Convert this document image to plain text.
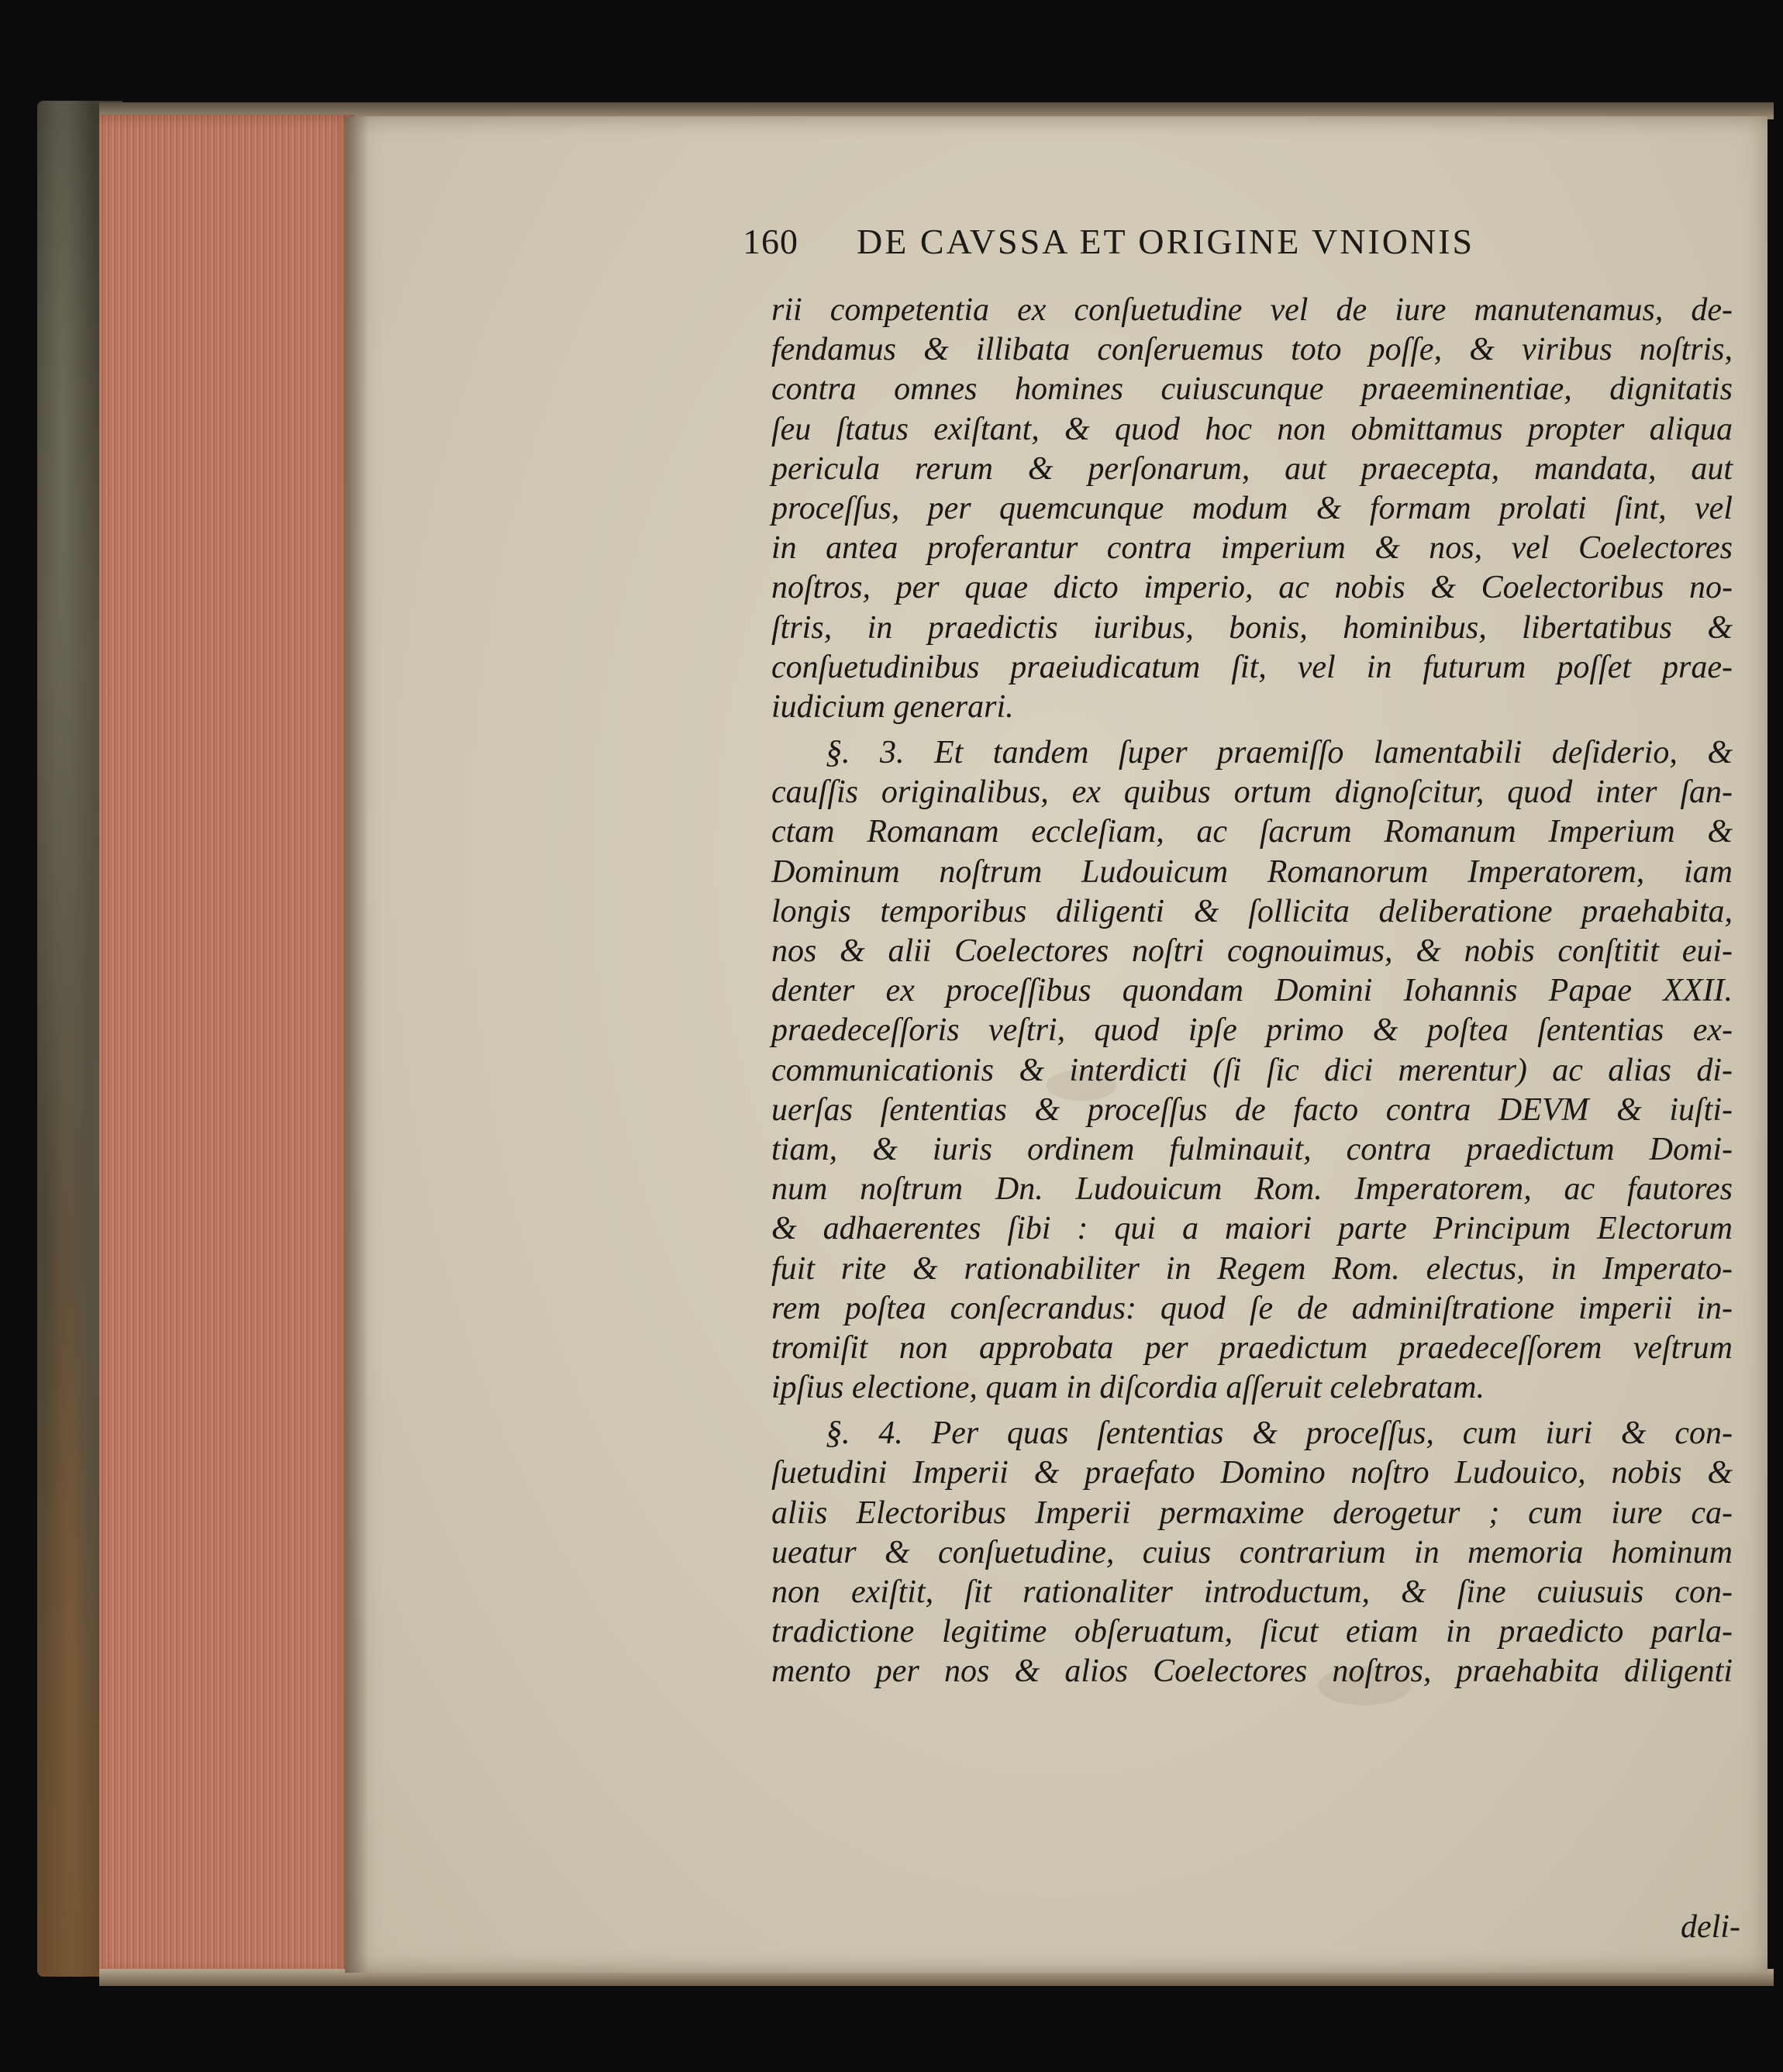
160 DE CAVSSA ET ORIGINE VNIONIS
rii competentia ex conſuetudine vel de iure manutenamus, de-
fendamus & illibata conſeruemus toto poſſe, & viribus noſtris,
contra omnes homines cuiuscunque praeeminentiae, dignitatis
ſeu ſtatus exiſtant, & quod hoc non obmittamus propter aliqua
pericula rerum & perſonarum, aut praecepta, mandata, aut
proceſſus, per quemcunque modum & formam prolati ſint, vel
in antea proferantur contra imperium & nos, vel Coelectores
noſtros, per quae dicto imperio, ac nobis & Coelectoribus no-
ſtris, in praedictis iuribus, bonis, hominibus, libertatibus &
conſuetudinibus praeiudicatum ſit, vel in futurum poſſet prae-
iudicium generari.
§. 3. Et tandem ſuper praemiſſo lamentabili deſiderio, &
cauſſis originalibus, ex quibus ortum dignoſcitur, quod inter ſan-
ctam Romanam eccleſiam, ac ſacrum Romanum Imperium &
Dominum noſtrum Ludouicum Romanorum Imperatorem, iam
longis temporibus diligenti & ſollicita deliberatione praehabita,
nos & alii Coelectores noſtri cognouimus, & nobis conſtitit eui-
denter ex proceſſibus quondam Domini Iohannis Papae XXII.
praedeceſſoris veſtri, quod ipſe primo & poſtea ſententias ex-
communicationis & interdicti (ſi ſic dici merentur) ac alias di-
uerſas ſententias & proceſſus de facto contra DEVM & iuſti-
tiam, & iuris ordinem fulminauit, contra praedictum Domi-
num noſtrum Dn. Ludouicum Rom. Imperatorem, ac fautores
& adhaerentes ſibi : qui a maiori parte Principum Electorum
fuit rite & rationabiliter in Regem Rom. electus, in Imperato-
rem poſtea conſecrandus: quod ſe de adminiſtratione imperii in-
tromiſit non approbata per praedictum praedeceſſorem veſtrum
ipſius electione, quam in diſcordia aſſeruit celebratam.
§. 4. Per quas ſententias & proceſſus, cum iuri & con-
ſuetudini Imperii & praefato Domino noſtro Ludouico, nobis &
aliis Electoribus Imperii permaxime derogetur ; cum iure ca-
ueatur & conſuetudine, cuius contrarium in memoria hominum
non exiſtit, ſit rationaliter introductum, & ſine cuiusuis con-
tradictione legitime obſeruatum, ſicut etiam in praedicto parla-
mento per nos & alios Coelectores noſtros, praehabita diligenti
deli-
